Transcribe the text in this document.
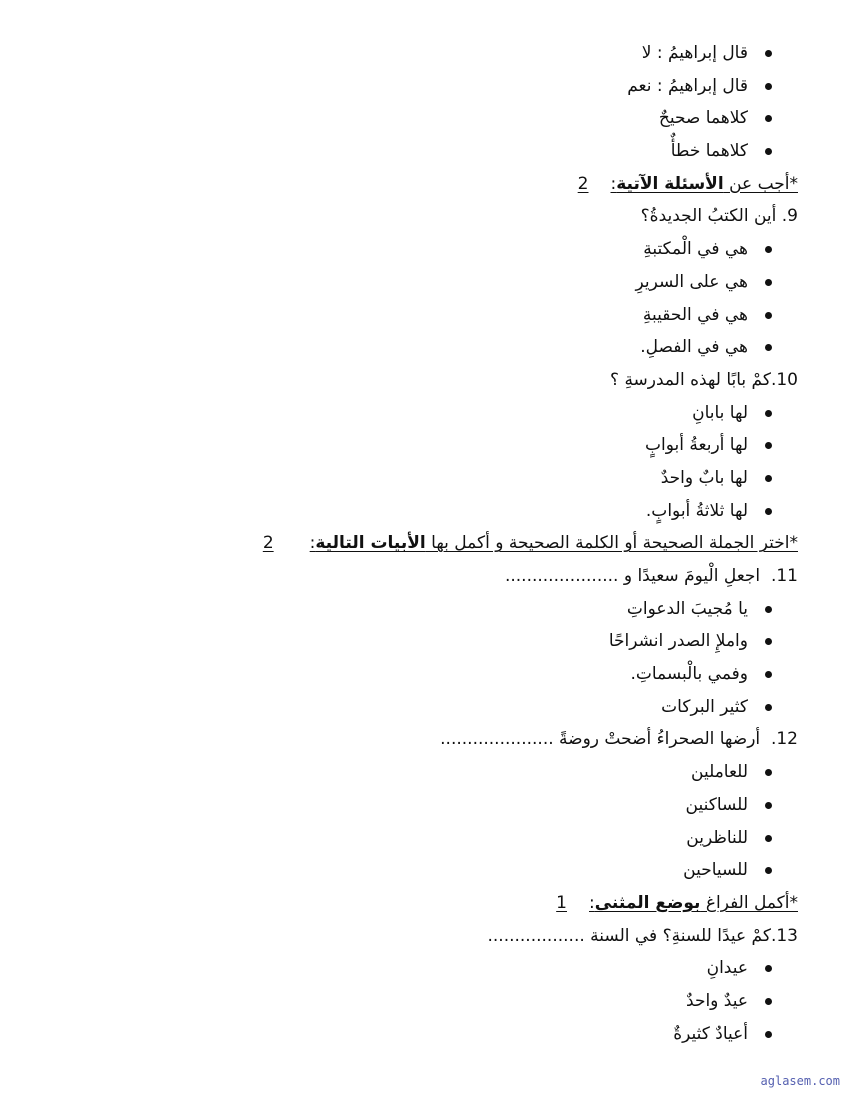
قال إبراهيمُ : لا
قال إبراهيمُ : نعم
كلاهما صحيحٌ
كلاهما خطأٌ
*أجب عن الأسئلة الآتية:2
9. أين الكتبُ الجديدةُ؟
هي في الْمكتبةِ
هي على السريرِ
هي في الحقيبةِ
هي في الفصلِ.
10.كمْ بابًا لهذه المدرسةِ ؟
لها بابانِ
لها أربعةُ أبوابٍ
لها بابٌ واحدٌ
لها ثلاثةُ أبوابٍ.
*اختر الجملة الصحيحة أو الكلمة الصحيحة و أكمل بها الأبيات التالية:2
11.  اجعلِ الْيومَ سعيدًا و .....................
يا مُجيبَ الدعواتِ
واملإِ الصدر انشراحًا
وفمي بالْبسماتِ.
كثير البركات
12.  أرضها الصحراءُ أضحتْ روضةً .....................
للعاملين
للساكنين
للناظرين
للسياحين
*أكمل الفراغ بوضع المثنى:1
13.كمْ عيدًا للسنةِ؟ في السنة ..................
عيدانِ
عيدٌ واحدٌ
أعيادٌ كثيرةٌ
aglasem.com
